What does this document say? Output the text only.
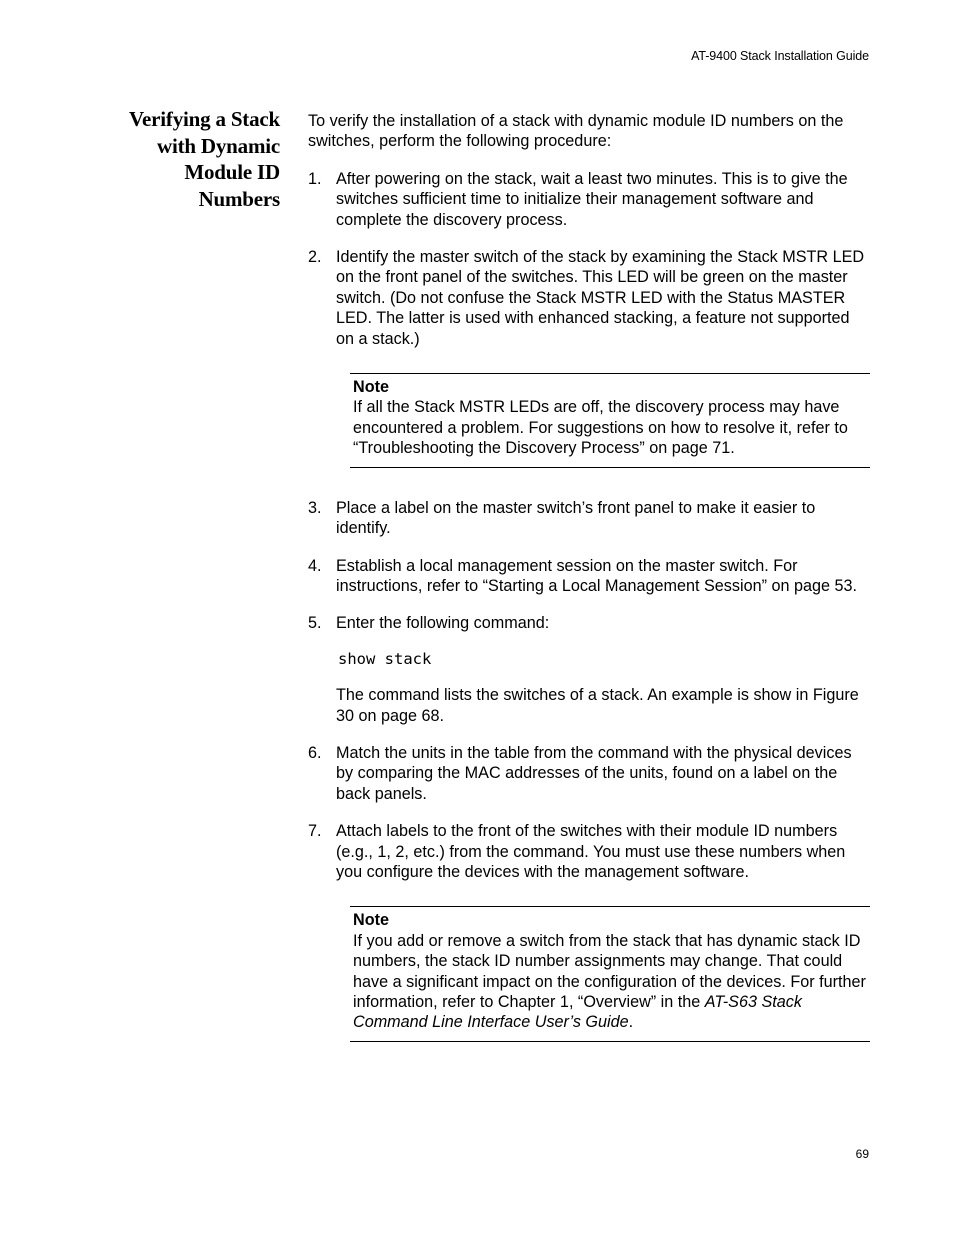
AT-9400 Stack Installation Guide
Verifying a Stack
with Dynamic
Module ID
Numbers

To verify the installation of a stack with dynamic module ID numbers on the switches, perform the following procedure:

1. After powering on the stack, wait a least two minutes. This is to give the switches sufficient time to initialize their management software and complete the discovery process.
2. Identify the master switch of the stack by examining the Stack MSTR LED on the front panel of the switches. This LED will be green on the master switch. (Do not confuse the Stack MSTR LED with the Status MASTER LED. The latter is used with enhanced stacking, a feature not supported on a stack.)
Note
If all the Stack MSTR LEDs are off, the discovery process may have encountered a problem. For suggestions on how to resolve it, refer to “Troubleshooting the Discovery Process” on page 71.
3. Place a label on the master switch’s front panel to make it easier to identify.
4. Establish a local management session on the master switch. For instructions, refer to “Starting a Local Management Session” on page 53.
5. Enter the following command:
show stack
The command lists the switches of a stack. An example is show in Figure 30 on page 68.
6. Match the units in the table from the command with the physical devices by comparing the MAC addresses of the units, found on a label on the back panels.
7. Attach labels to the front of the switches with their module ID numbers (e.g., 1, 2, etc.) from the command. You must use these numbers when you configure the devices with the management software.
Note
If you add or remove a switch from the stack that has dynamic stack ID numbers, the stack ID number assignments may change. That could have a significant impact on the configuration of the devices. For further information, refer to Chapter 1, “Overview” in the AT-S63 Stack Command Line Interface User’s Guide.
69
